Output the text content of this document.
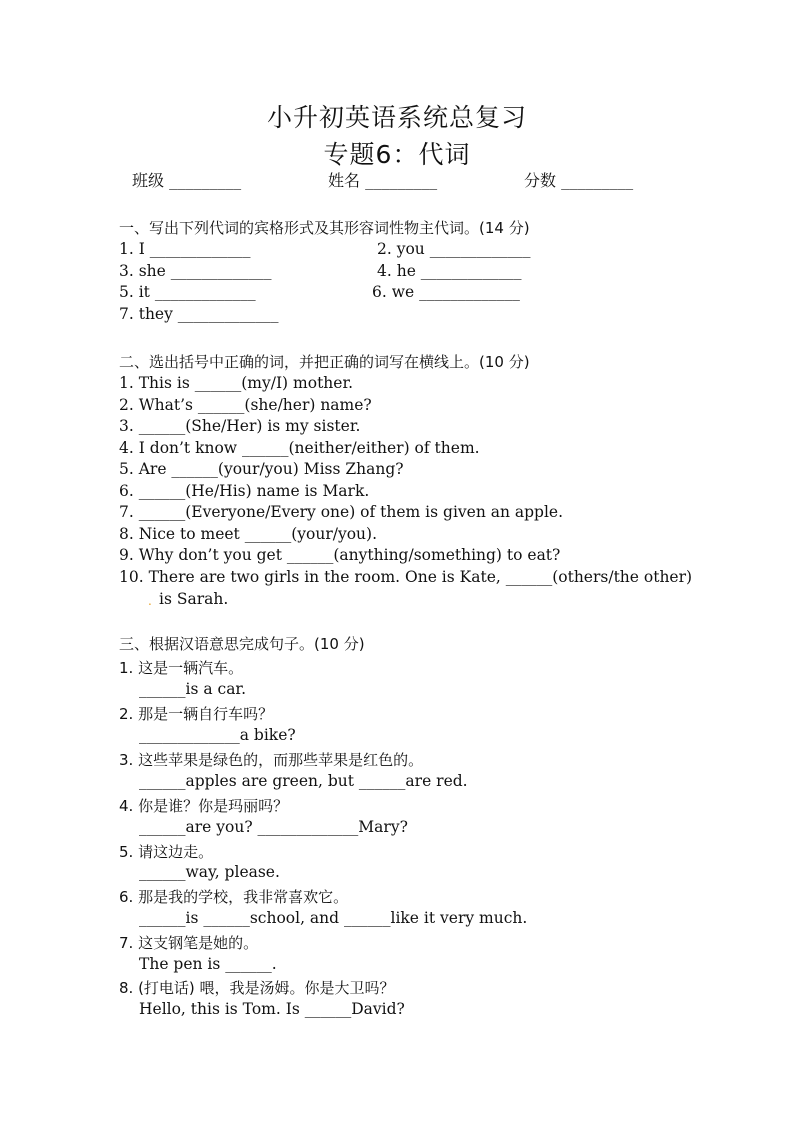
小升初英语系统总复习
专题6：代词
班级 _________	姓名 _________	分数 _________
一、写出下列代词的宾格形式及其形容词性物主代词。(14 分)
1. I _____________	2. you _____________
3. she _____________	4. he _____________
5. it _____________	6. we _____________
7. they _____________
二、选出括号中正确的词，并把正确的词写在横线上。(10 分)
1. This is ______(my/I) mother.
2. What’s ______(she/her) name?
3. ______(She/Her) is my sister.
4. I don’t know ______(neither/either) of them.
5. Are ______(your/you) Miss Zhang?
6. ______(He/His) name is Mark.
7. ______(Everyone/Every one) of them is given an apple.
8. Nice to meet ______(your/you).
9. Why don’t you get ______(anything/something) to eat?
10. There are two girls in the room. One is Kate, ______(others/the other)
. is Sarah.
三、根据汉语意思完成句子。(10 分)
1. 这是一辆汽车。
______is a car.
2. 那是一辆自行车吗？
_____________a bike?
3. 这些苹果是绿色的，而那些苹果是红色的。
______apples are green, but ______are red.
4. 你是谁？你是玛丽吗？
______are you? _____________Mary?
5. 请这边走。
______way, please.
6. 那是我的学校，我非常喜欢它。
______is ______school, and ______like it very much.
7. 这支钢笔是她的。
The pen is ______.
8. (打电话) 喂，我是汤姆。你是大卫吗？
Hello, this is Tom. Is ______David?
